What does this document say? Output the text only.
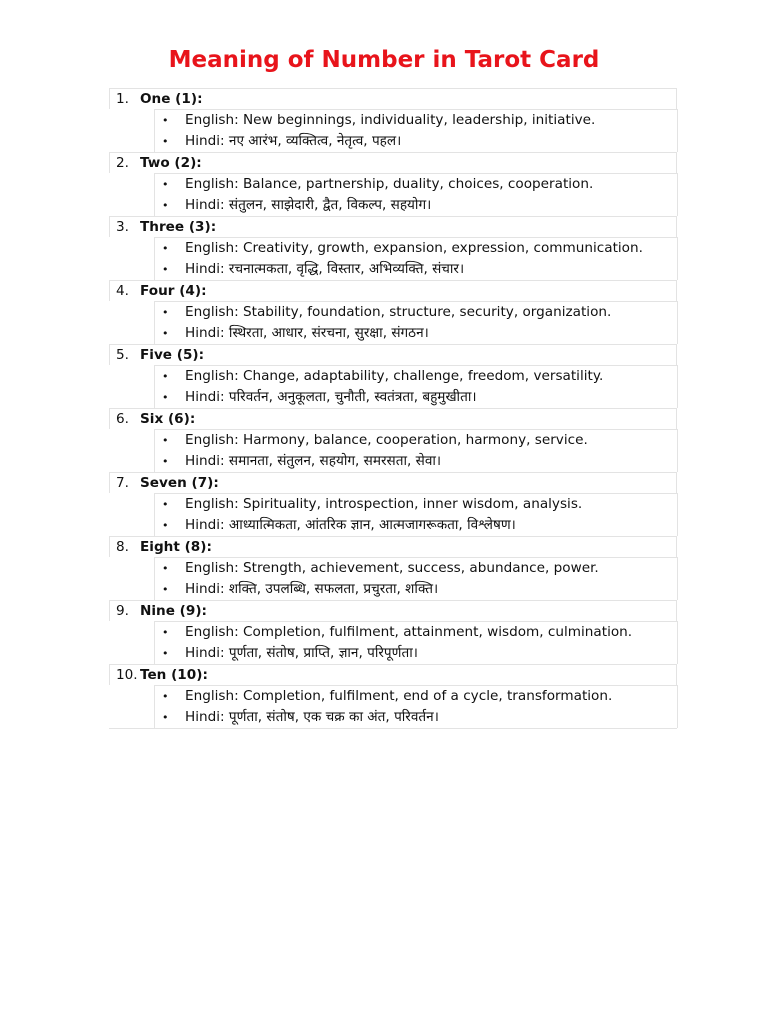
Meaning of Number in Tarot Card
1. One (1):
• English: New beginnings, individuality, leadership, initiative.
• Hindi: नए आरंभ, व्यक्तित्व, नेतृत्व, पहल।
2. Two (2):
• English: Balance, partnership, duality, choices, cooperation.
• Hindi: संतुलन, साझेदारी, द्वैत, विकल्प, सहयोग।
3. Three (3):
• English: Creativity, growth, expansion, expression, communication.
• Hindi: रचनात्मकता, वृद्धि, विस्तार, अभिव्यक्ति, संचार।
4. Four (4):
• English: Stability, foundation, structure, security, organization.
• Hindi: स्थिरता, आधार, संरचना, सुरक्षा, संगठन।
5. Five (5):
• English: Change, adaptability, challenge, freedom, versatility.
• Hindi: परिवर्तन, अनुकूलता, चुनौती, स्वतंत्रता, बहुमुखीता।
6. Six (6):
• English: Harmony, balance, cooperation, harmony, service.
• Hindi: समानता, संतुलन, सहयोग, समरसता, सेवा।
7. Seven (7):
• English: Spirituality, introspection, inner wisdom, analysis.
• Hindi: आध्यात्मिकता, आंतरिक ज्ञान, आत्मजागरूकता, विश्लेषण।
8. Eight (8):
• English: Strength, achievement, success, abundance, power.
• Hindi: शक्ति, उपलब्धि, सफलता, प्रचुरता, शक्ति।
9. Nine (9):
• English: Completion, fulfilment, attainment, wisdom, culmination.
• Hindi: पूर्णता, संतोष, प्राप्ति, ज्ञान, परिपूर्णता।
10. Ten (10):
• English: Completion, fulfilment, end of a cycle, transformation.
• Hindi: पूर्णता, संतोष, एक चक्र का अंत, परिवर्तन।
